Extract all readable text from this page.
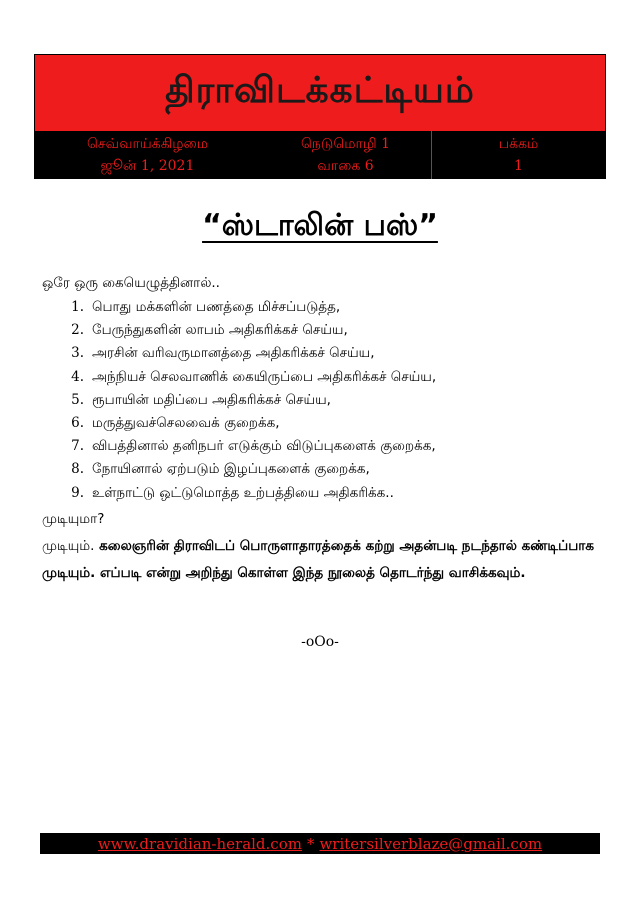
திராவிடக்கட்டியம்
செவ்வாய்க்கிழமை
ஜூன் 1, 2021
நெடுமொழி 1
வாகை 6
பக்கம்
1
“ஸ்டாலின் பஸ்”
ஒரே ஒரு கையெழுத்தினால்..
1. பொது மக்களின் பணத்தை மிச்சப்படுத்த,
2. பேருந்துகளின் லாபம் அதிகரிக்கச் செய்ய,
3. அரசின் வரிவருமானத்தை அதிகரிக்கச் செய்ய,
4. அந்நியச் செலவாணிக் கையிருப்பை அதிகரிக்கச் செய்ய,
5. ரூபாயின் மதிப்பை அதிகரிக்கச் செய்ய,
6. மருத்துவச்செலவைக் குறைக்க,
7. விபத்தினால் தனிநபர் எடுக்கும் விடுப்புகளைக் குறைக்க,
8. நோயினால் ஏற்படும் இழப்புகளைக் குறைக்க,
9. உள்நாட்டு ஒட்டுமொத்த உற்பத்தியை அதிகரிக்க..
முடியுமா?
முடியும். கலைஞரின் திராவிடப் பொருளாதாரத்தைக் கற்று அதன்படி நடந்தால் கண்டிப்பாக முடியும். எப்படி என்று அறிந்து கொள்ள இந்த நூலைத் தொடர்ந்து வாசிக்கவும்.
-oOo-
www.dravidian-herald.com * writersilverblaze@gmail.com
